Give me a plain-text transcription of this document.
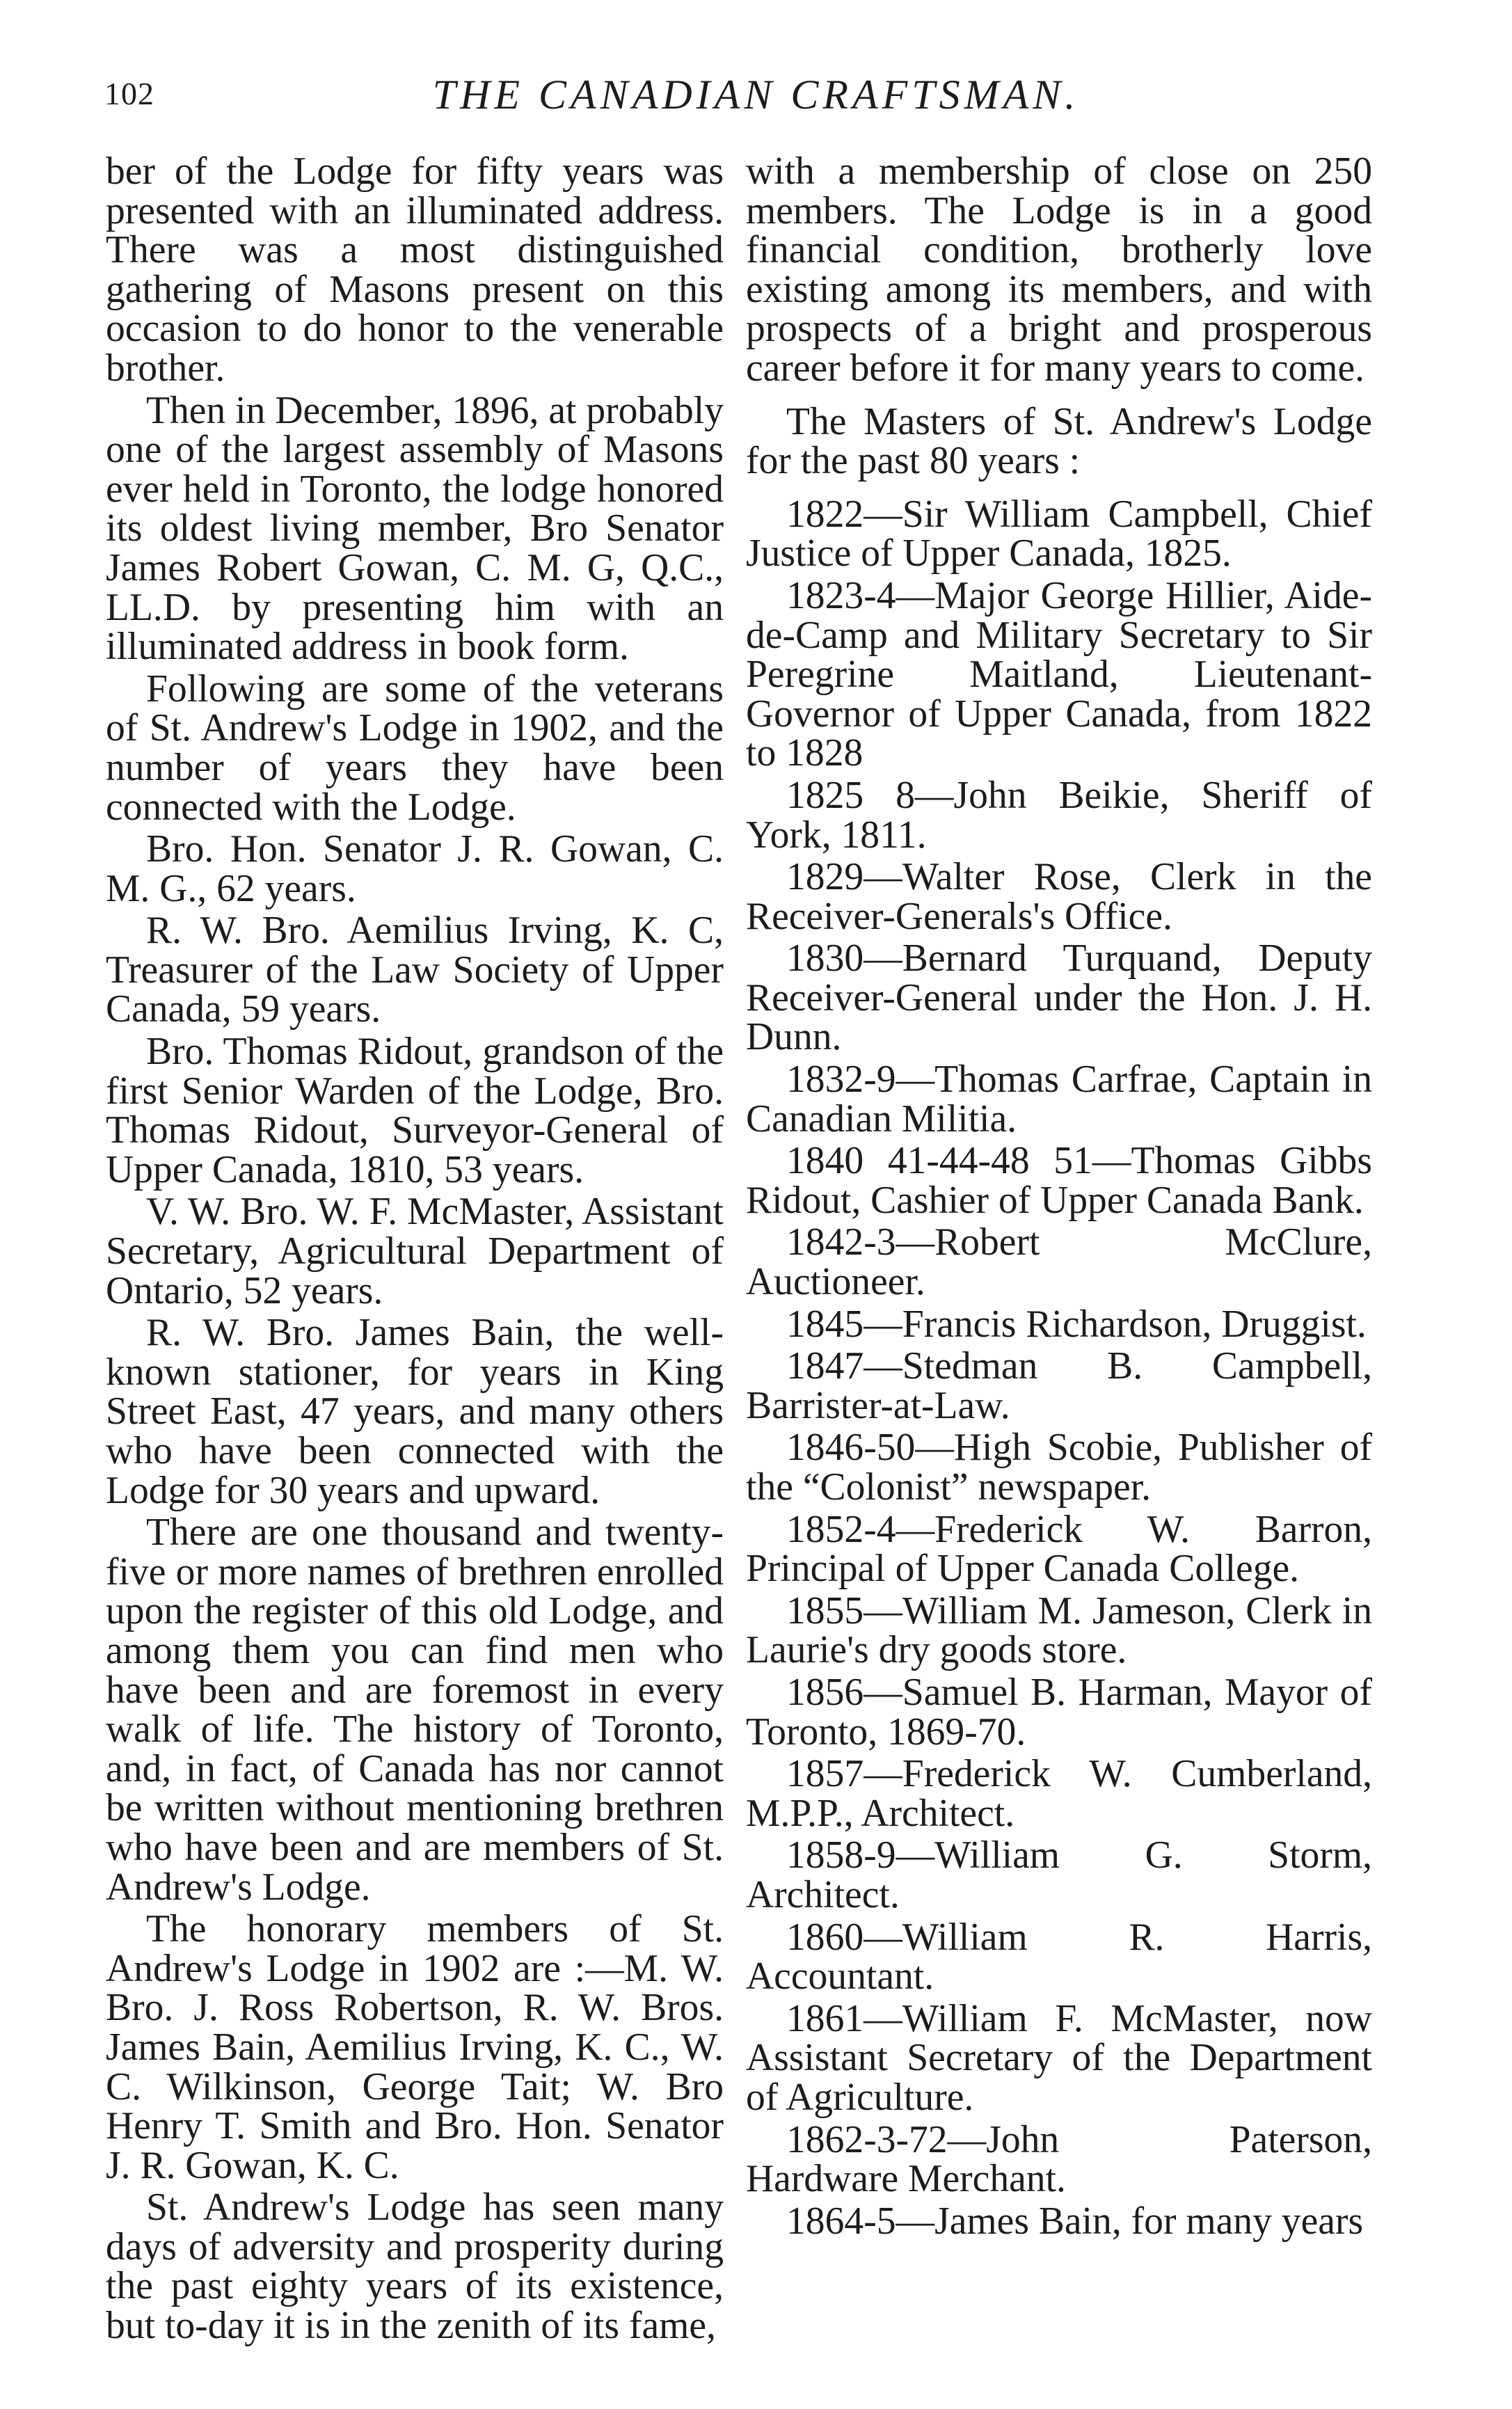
102	THE CANADIAN CRAFTSMAN.

ber of the Lodge for fifty years was presented with an illuminated address. There was a most distinguished gathering of Masons present on this occasion to do honor to the venerable brother.

Then in December, 1896, at probably one of the largest assembly of Masons ever held in Toronto, the lodge honored its oldest living member, Bro Senator James Robert Gowan, C. M. G, Q.C., LL.D. by presenting him with an illuminated address in book form.

Following are some of the veterans of St. Andrew's Lodge in 1902, and the number of years they have been connected with the Lodge.

Bro. Hon. Senator J. R. Gowan, C. M. G., 62 years.

R. W. Bro. Aemilius Irving, K. C, Treasurer of the Law Society of Upper Canada, 59 years.

Bro. Thomas Ridout, grandson of the first Senior Warden of the Lodge, Bro. Thomas Ridout, Surveyor-General of Upper Canada, 1810, 53 years.

V. W. Bro. W. F. McMaster, Assistant Secretary, Agricultural Department of Ontario, 52 years.

R. W. Bro. James Bain, the well-known stationer, for years in King Street East, 47 years, and many others who have been connected with the Lodge for 30 years and upward.

There are one thousand and twenty-five or more names of brethren enrolled upon the register of this old Lodge, and among them you can find men who have been and are foremost in every walk of life. The history of Toronto, and, in fact, of Canada has nor cannot be written without mentioning brethren who have been and are members of St. Andrew's Lodge.

The honorary members of St. Andrew's Lodge in 1902 are :—M. W. Bro. J. Ross Robertson, R. W. Bros. James Bain, Aemilius Irving, K. C., W. C. Wilkinson, George Tait; W. Bro Henry T. Smith and Bro. Hon. Senator J. R. Gowan, K. C.

St. Andrew's Lodge has seen many days of adversity and prosperity during the past eighty years of its existence, but to-day it is in the zenith of its fame,

with a membership of close on 250 members. The Lodge is in a good financial condition, brotherly love existing among its members, and with prospects of a bright and prosperous career before it for many years to come.

The Masters of St. Andrew's Lodge for the past 80 years :

1822—Sir William Campbell, Chief Justice of Upper Canada, 1825.

1823-4—Major George Hillier, Aide-de-Camp and Military Secretary to Sir Peregrine Maitland, Lieutenant-Governor of Upper Canada, from 1822 to 1828

1825 8—John Beikie, Sheriff of York, 1811.

1829—Walter Rose, Clerk in the Receiver-Generals's Office.

1830—Bernard Turquand, Deputy Receiver-General under the Hon. J. H. Dunn.

1832-9—Thomas Carfrae, Captain in Canadian Militia.

1840 41-44-48 51—Thomas Gibbs Ridout, Cashier of Upper Canada Bank.

1842-3—Robert McClure, Auctioneer.

1845—Francis Richardson, Druggist.

1847—Stedman B. Campbell, Barrister-at-Law.

1846-50—High Scobie, Publisher of the “Colonist” newspaper.

1852-4—Frederick W. Barron, Principal of Upper Canada College.

1855—William M. Jameson, Clerk in Laurie's dry goods store.

1856—Samuel B. Harman, Mayor of Toronto, 1869-70.

1857—Frederick W. Cumberland, M.P.P., Architect.

1858-9—William G. Storm, Architect.

1860—William R. Harris, Accountant.

1861—William F. McMaster, now Assistant Secretary of the Department of Agriculture.

1862-3-72—John Paterson, Hardware Merchant.

1864-5—James Bain, for many years
